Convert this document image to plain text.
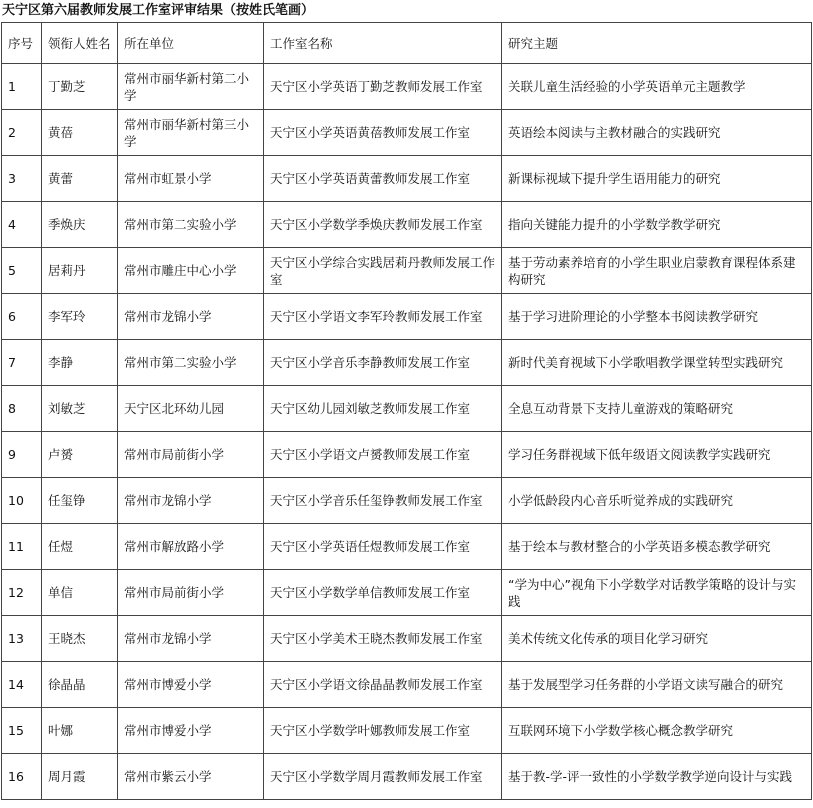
天宁区第六届教师发展工作室评审结果（按姓氏笔画）
序号	领衔人姓名	所在单位	工作室名称	研究主题
1	丁勤芝	常州市丽华新村第二小学	天宁区小学英语丁勤芝教师发展工作室	关联儿童生活经验的小学英语单元主题教学
2	黄蓓	常州市丽华新村第三小学	天宁区小学英语黄蓓教师发展工作室	英语绘本阅读与主教材融合的实践研究
3	黄蕾	常州市虹景小学	天宁区小学英语黄蕾教师发展工作室	新课标视域下提升学生语用能力的研究
4	季焕庆	常州市第二实验小学	天宁区小学数学季焕庆教师发展工作室	指向关键能力提升的小学数学教学研究
5	居莉丹	常州市雕庄中心小学	天宁区小学综合实践居莉丹教师发展工作室	基于劳动素养培育的小学生职业启蒙教育课程体系建构研究
6	李军玲	常州市龙锦小学	天宁区小学语文李军玲教师发展工作室	基于学习进阶理论的小学整本书阅读教学研究
7	李静	常州市第二实验小学	天宁区小学音乐李静教师发展工作室	新时代美育视域下小学歌唱教学课堂转型实践研究
8	刘敏芝	天宁区北环幼儿园	天宁区幼儿园刘敏芝教师发展工作室	全息互动背景下支持儿童游戏的策略研究
9	卢赟	常州市局前街小学	天宁区小学语文卢赟教师发展工作室	学习任务群视域下低年级语文阅读教学实践研究
10	任玺铮	常州市龙锦小学	天宁区小学音乐任玺铮教师发展工作室	小学低龄段内心音乐听觉养成的实践研究
11	任煜	常州市解放路小学	天宁区小学英语任煜教师发展工作室	基于绘本与教材整合的小学英语多模态教学研究
12	单信	常州市局前街小学	天宁区小学数学单信教师发展工作室	“学为中心”视角下小学数学对话教学策略的设计与实践
13	王晓杰	常州市龙锦小学	天宁区小学美术王晓杰教师发展工作室	美术传统文化传承的项目化学习研究
14	徐晶晶	常州市博爱小学	天宁区小学语文徐晶晶教师发展工作室	基于发展型学习任务群的小学语文读写融合的研究
15	叶娜	常州市博爱小学	天宁区小学数学叶娜教师发展工作室	互联网环境下小学数学核心概念教学研究
16	周月霞	常州市紫云小学	天宁区小学数学周月霞教师发展工作室	基于教-学-评一致性的小学数学教学逆向设计与实践
